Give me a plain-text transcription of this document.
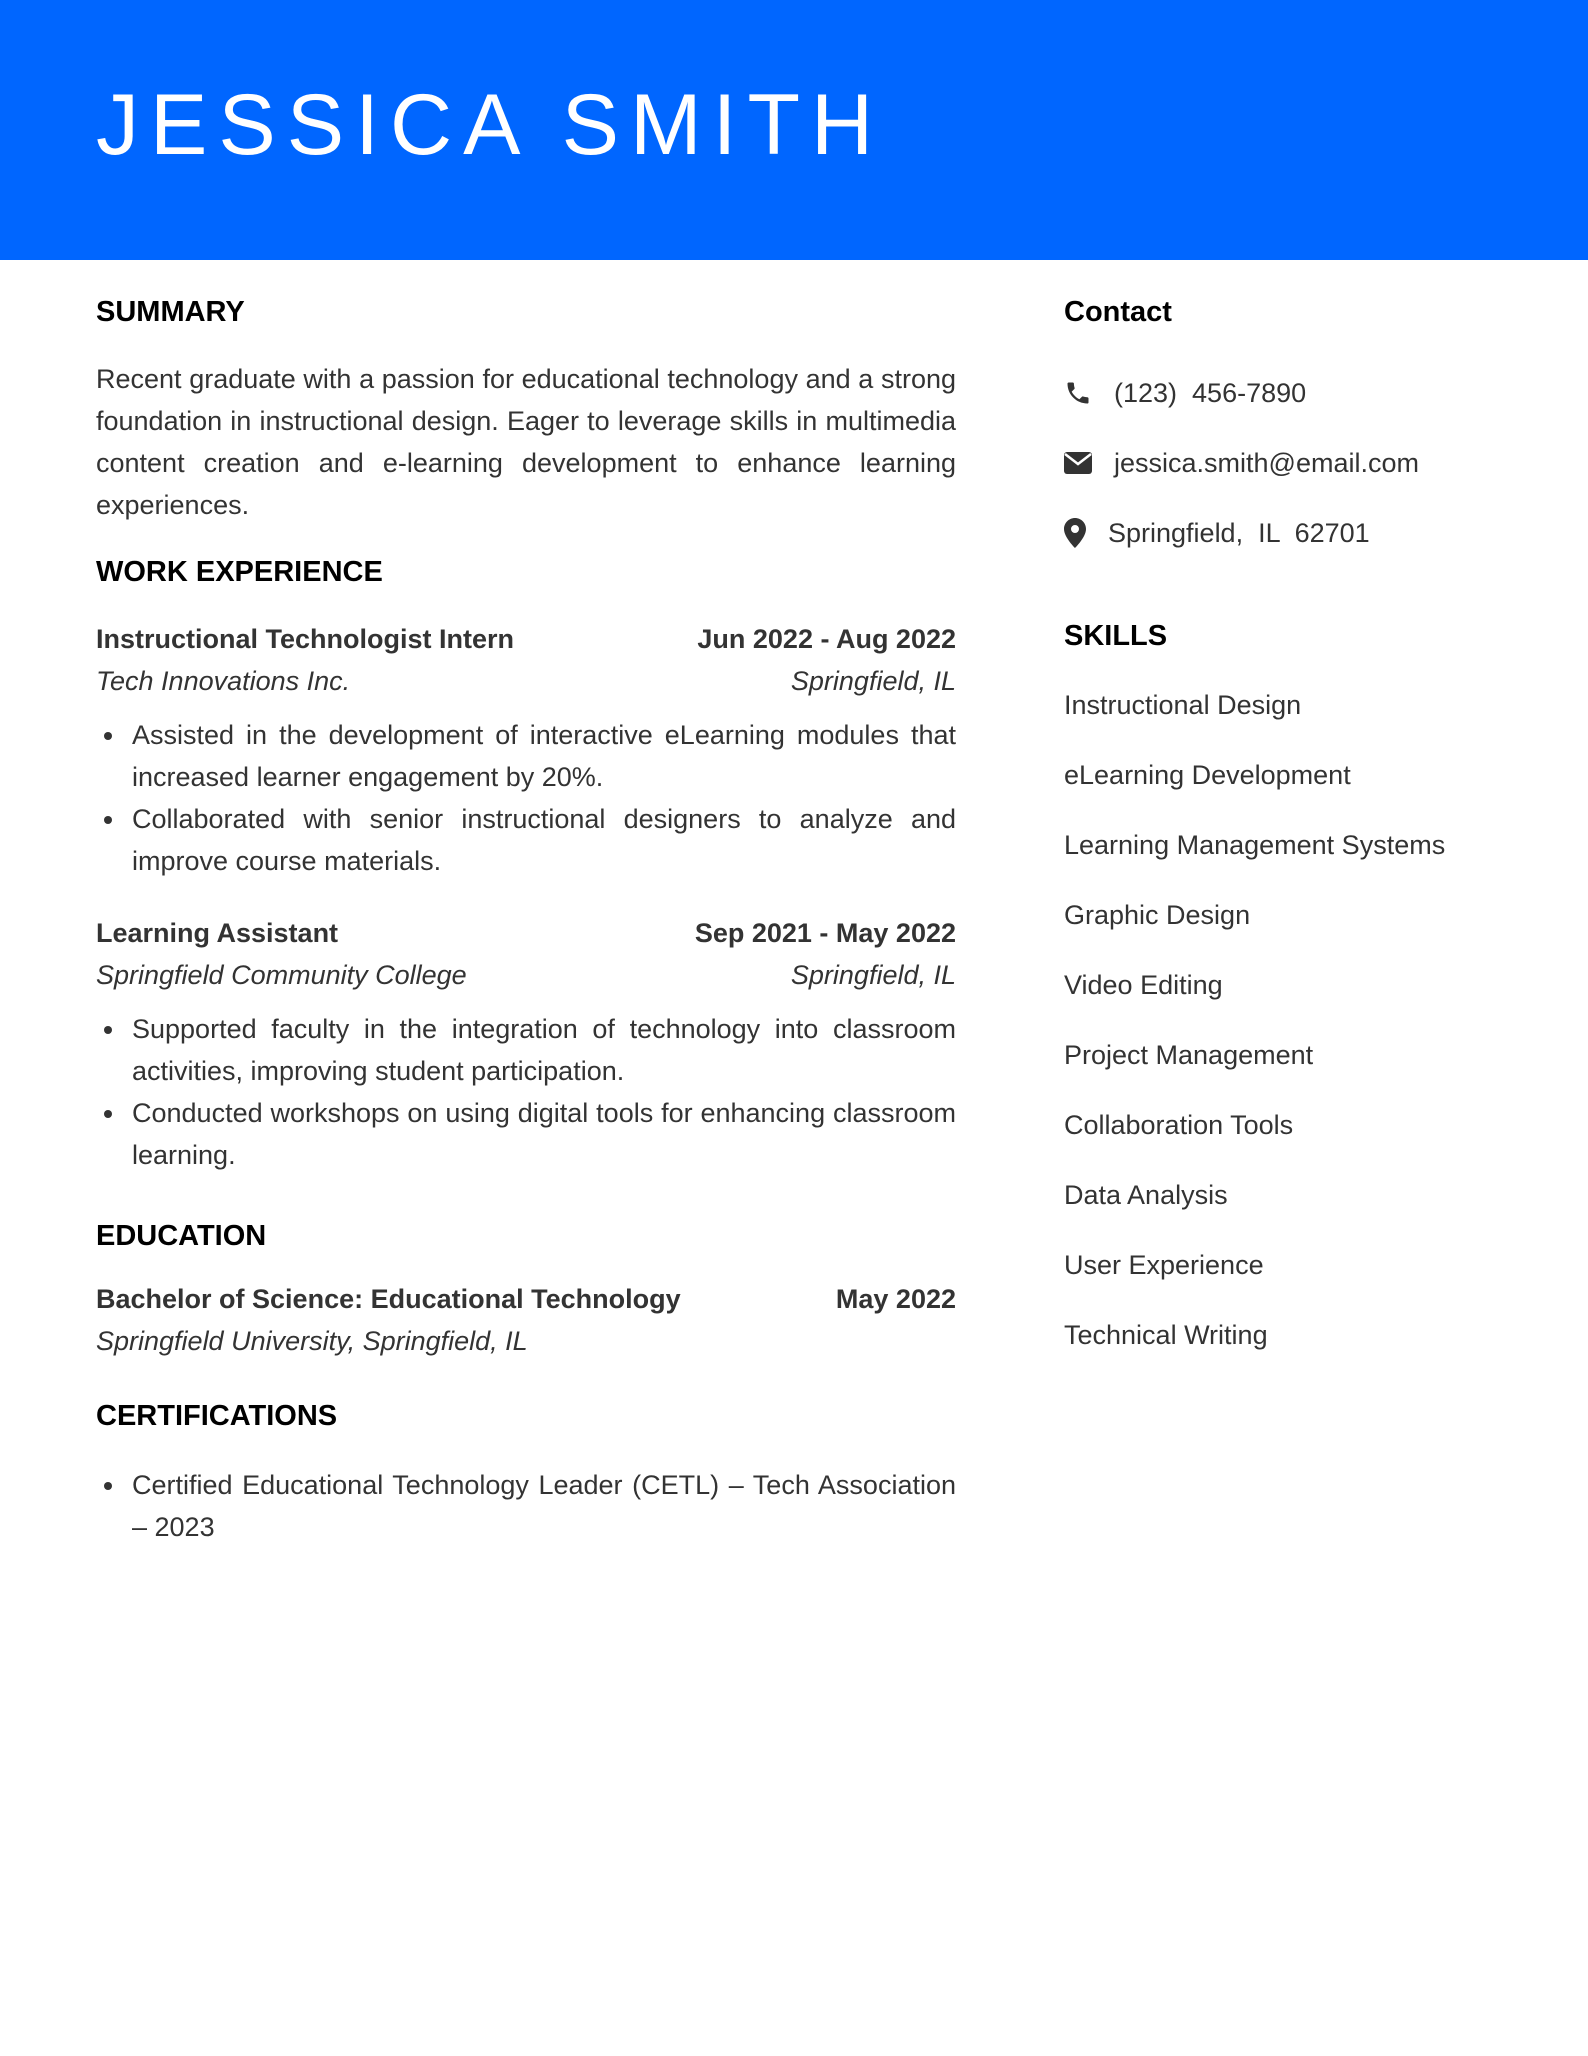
JESSICA SMITH
SUMMARY

Recent graduate with a passion for educational technology and a strong foundation in instructional design. Eager to leverage skills in multimedia content creation and e-learning development to enhance learning experiences.

WORK EXPERIENCE
Instructional Technologist Intern	Jun 2022 - Aug 2022
Tech Innovations Inc.	Springfield, IL
Assisted in the development of interactive eLearning modules that increased learner engagement by 20%.
Collaborated with senior instructional designers to analyze and improve course materials.
Learning Assistant	Sep 2021 - May 2022
Springfield Community College	Springfield, IL
Supported faculty in the integration of technology into classroom activities, improving student participation.
Conducted workshops on using digital tools for enhancing classroom learning.
EDUCATION
Bachelor of Science: Educational Technology	May 2022
Springfield University, Springfield, IL
CERTIFICATIONS
Certified Educational Technology Leader (CETL) – Tech Association – 2023
Contact
(123)  456-7890
jessica.smith@email.com
Springfield,  IL  62701
SKILLS
Instructional Design
eLearning Development
Learning Management Systems
Graphic Design
Video Editing
Project Management
Collaboration Tools
Data Analysis
User Experience
Technical Writing
